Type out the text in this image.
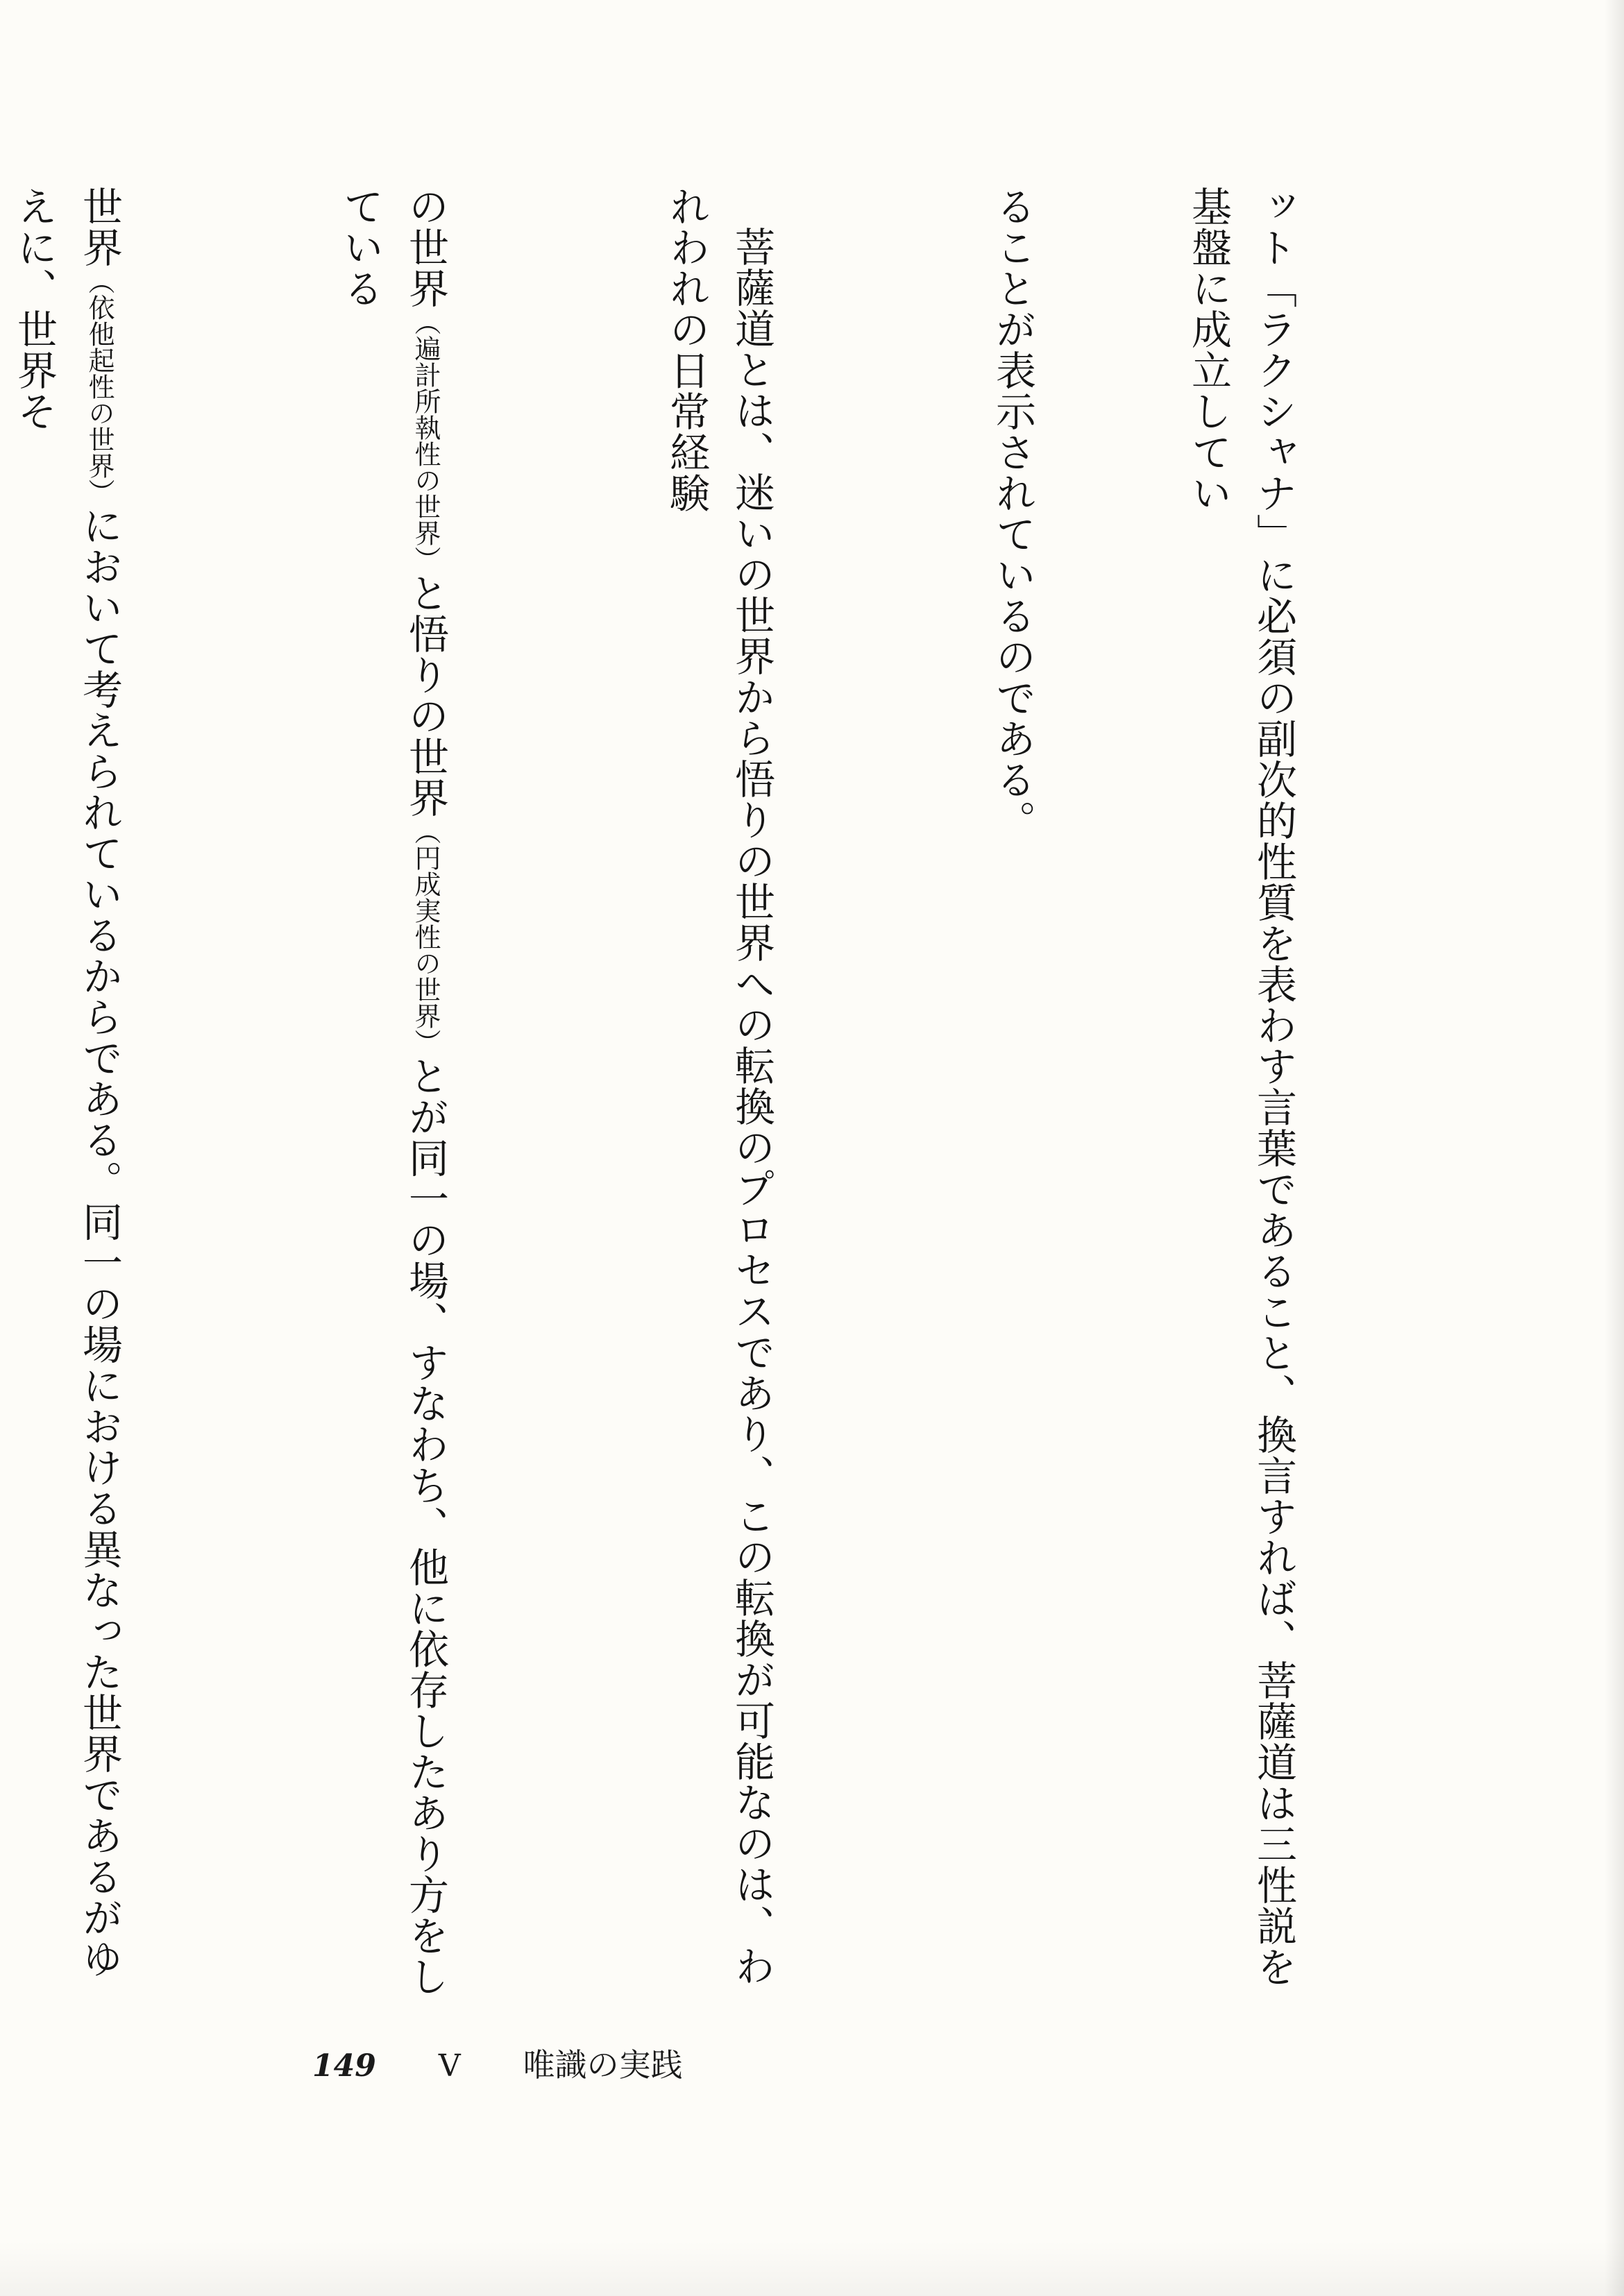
ット「ラクシャナ」に必須の副次的性質を表わす言葉であること、換言すれば、菩薩道は三性説を基盤に成立してい

ることが表示されているのである。

菩薩道とは、迷いの世界から悟りの世界への転換のプロセスであり、この転換が可能なのは、われわれの日常経験

の世界（遍計所執性の世界）と悟りの世界（円成実性の世界）とが同一の場、すなわち、他に依存したあり方をしている

世界（依他起性の世界）において考えられているからである。同一の場における異なった世界であるがゆえに、世界そ

149 V 唯識の実践
